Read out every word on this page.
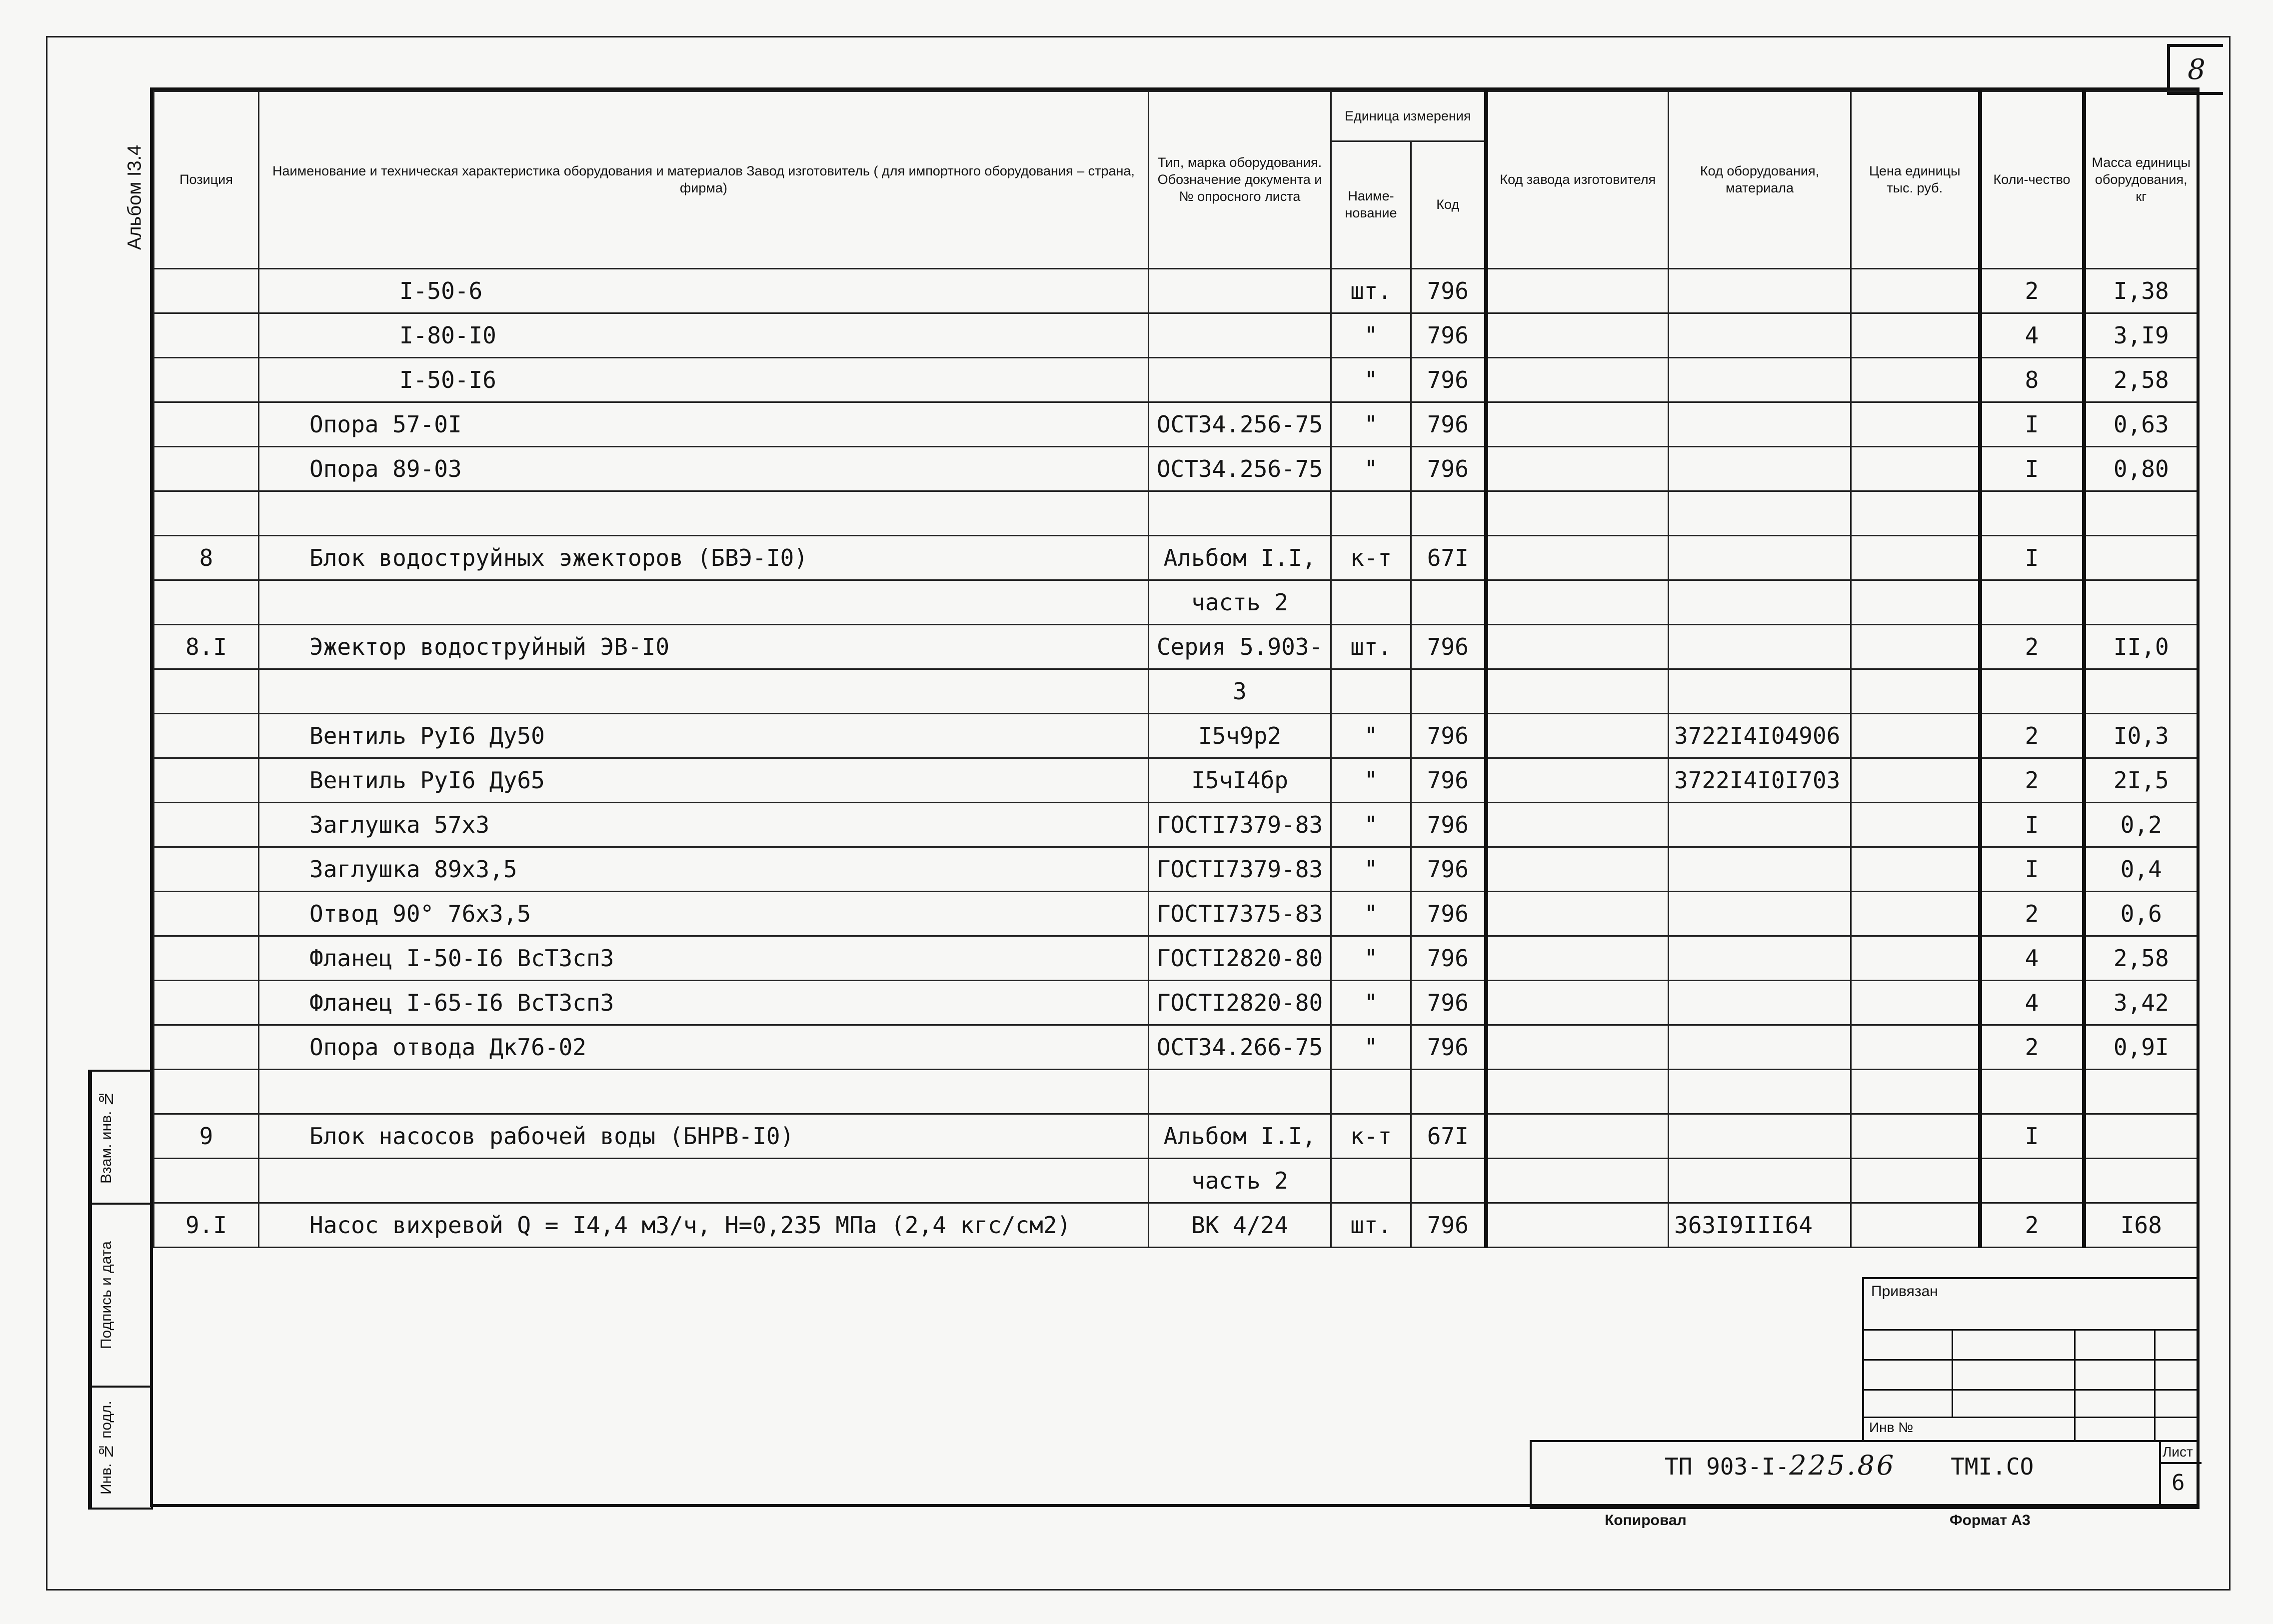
8
Альбом I3.4	Позиция	Наименование и техническая характеристика оборудования и материалов Завод изготовитель ( для импортного оборудования – страна, фирма)	Тип, марка оборудования. Обозначение документа и № опросного листа	Единица измерения		Код завода изготовителя	Код оборудования, материала	Цена единицы тыс. руб.	Коли-чество	Масса единицы оборудования, кг
			Наиме-нование	Код					
	I-50-6		шт.	796				2	I,38
	I-80-I0		"	796				4	3,I9
	I-50-I6		"	796				8	2,58
	Опора 57-0I	ОСТ34.256-75	"	796				I	0,63
	Опора 89-03	ОСТ34.256-75	"	796				I	0,80

8	Блок водоструйных эжекторов (БВЭ-I0)	Альбом I.I,	к-т	67I				I	
		часть 2							
8.I	Эжектор водоструйный ЭВ-I0	Серия 5.903-	шт.	796				2	II,0
		3							
	Вентиль РуI6 Ду50	I5ч9р2	"	796		3722I4I04906		2	I0,3
	Вентиль РуI6 Ду65	I5чI4бр	"	796		3722I4I0I703		2	2I,5
	Заглушка 57х3	ГОСТI7379-83	"	796				I	0,2
	Заглушка 89х3,5	ГОСТI7379-83	"	796				I	0,4
	Отвод 90° 76х3,5	ГОСТI7375-83	"	796				2	0,6
	Фланец I-50-I6 ВсТ3сп3	ГОСТI2820-80	"	796				4	2,58
	Фланец I-65-I6 ВсТ3сп3	ГОСТI2820-80	"	796				4	3,42
	Опора отвода Дк76-02	ОСТ34.266-75	"	796				2	0,9I

9	Блок насосов рабочей воды (БНРВ-I0)	Альбом I.I,	к-т	67I				I	
		часть 2							
9.I	Насос вихревой Q = I4,4 м3/ч, Н=0,235 МПа (2,4 кгс/см2)	ВК 4/24	шт.	796		363I9III64		2	I68
Взам. инв. №
Подпись и дата
Инв. № подл.
Привязан
Инв №
Лист
6
ТП 903-I-225.86 ТМI.СО
Копировал	Формат А3
